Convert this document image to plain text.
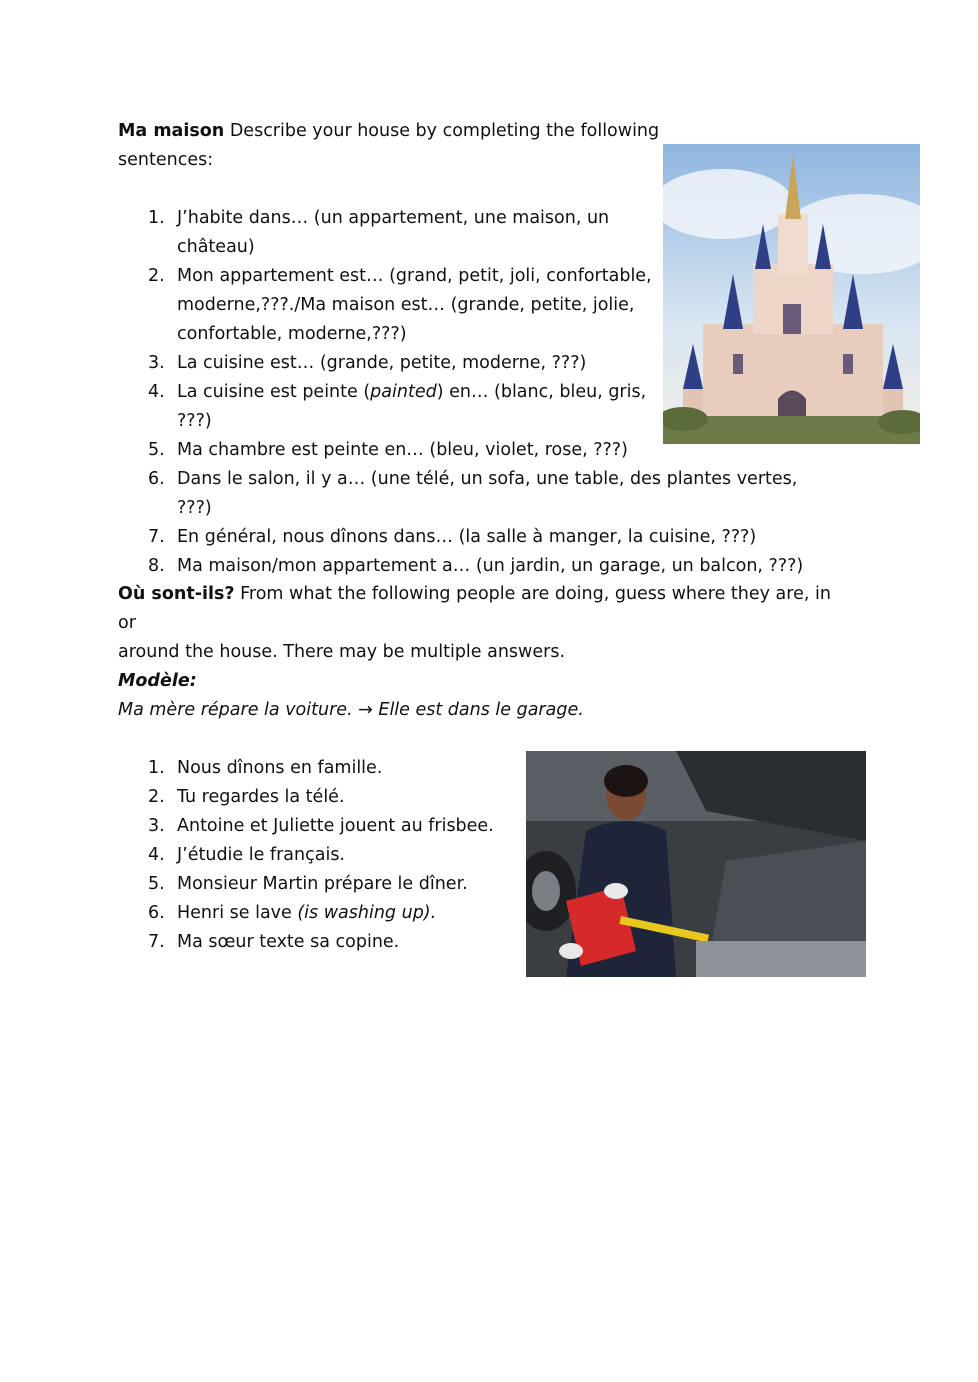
Ma maison Describe your house by completing the following
sentences:
1. J’habite dans… (un appartement, une maison, un
château)
2. Mon appartement est… (grand, petit, joli, confortable,
moderne,???./Ma maison est… (grande, petite, jolie,
confortable, moderne,???)
3. La cuisine est… (grande, petite, moderne, ???)
4. La cuisine est peinte (painted) en… (blanc, bleu, gris,
???)
5. Ma chambre est peinte en… (bleu, violet, rose, ???)
6. Dans le salon, il y a… (une télé, un sofa, une table, des plantes vertes, ???)
7. En général, nous dînons dans… (la salle à manger, la cuisine, ???)
8. Ma maison/mon appartement a… (un jardin, un garage, un balcon, ???)
Où sont-ils? From what the following people are doing, guess where they are, in or
around the house. There may be multiple answers.
Modèle:
Ma mère répare la voiture. → Elle est dans le garage.
1. Nous dînons en famille.
2. Tu regardes la télé.
3. Antoine et Juliette jouent au frisbee.
4. J’étudie le français.
5. Monsieur Martin prépare le dîner.
6. Henri se lave (is washing up).
7. Ma sœur texte sa copine.
